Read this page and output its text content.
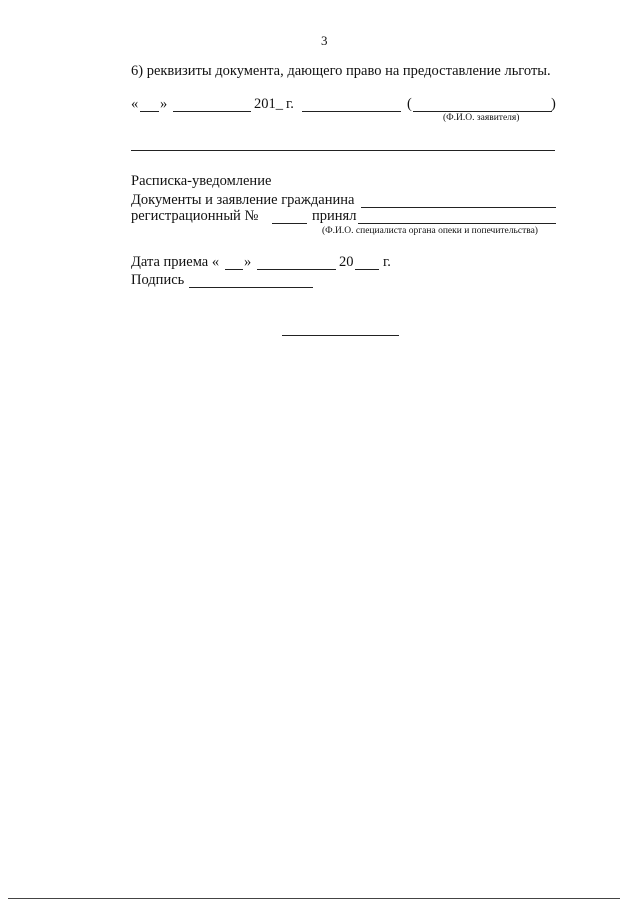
3
6) реквизиты документа, дающего право на предоставление льготы.
« »	201_ г.	(	)
(Ф.И.О. заявителя)
Расписка-уведомление
Документы и заявление гражданина
регистрационный №	принял
(Ф.И.О. специалиста органа опеки и попечительства)
Дата приема « »	20 г.
Подпись
